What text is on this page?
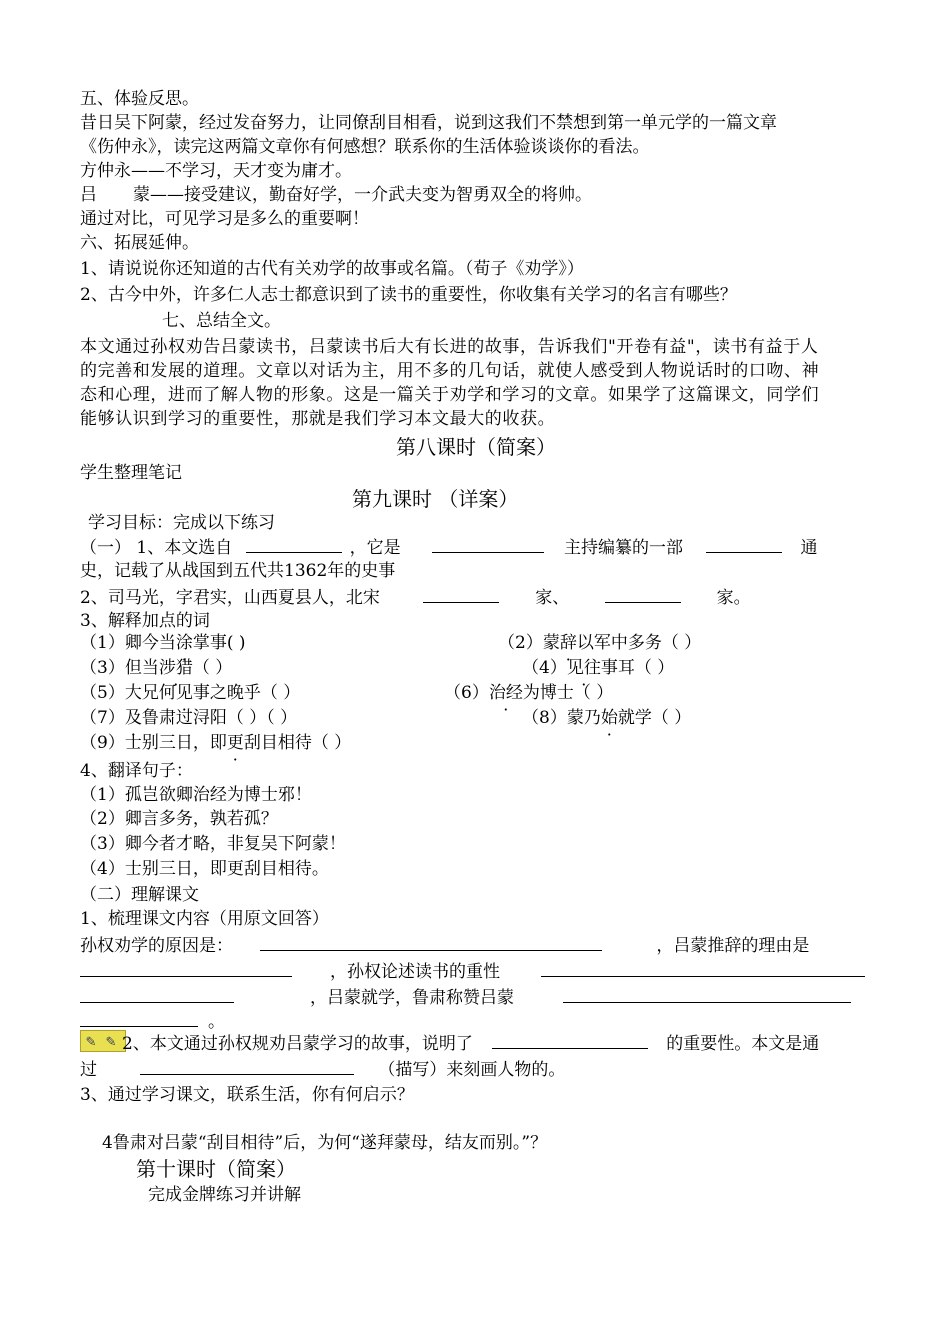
五、体验反思。
昔日吴下阿蒙，经过发奋努力，让同僚刮目相看，说到这我们不禁想到第一单元学的一篇文章
《伤仲永》，读完这两篇文章你有何感想？联系你的生活体验谈谈你的看法。
方仲永——不学习，天才变为庸才。
吕 蒙——接受建议，勤奋好学，一介武夫变为智勇双全的将帅。
通过对比，可见学习是多么的重要啊！
六、拓展延伸。
1、请说说你还知道的古代有关劝学的故事或名篇。（荀子《劝学》）
2、古今中外，许多仁人志士都意识到了读书的重要性，你收集有关学习的名言有哪些？
七、总结全文。
本文通过孙权劝告吕蒙读书，吕蒙读书后大有长进的故事，告诉我们"开卷有益"，读书有益于人
的完善和发展的道理。文章以对话为主，用不多的几句话，就使人感受到人物说话时的口吻、神
态和心理，进而了解人物的形象。这是一篇关于劝学和学习的文章。如果学了这篇课文，同学们
能够认识到学习的重要性，那就是我们学习本文最大的收获。
第八课时（简案）
学生整理笔记
第九课时 （详案）
学习目标：完成以下练习
（一） 1、本文选自	，它是	主持编纂的一部	通
史，记载了从战国到五代共1362年的史事
2、司马光，字君实，山西夏县人，北宋	家、	家。
3、解释加点的词
（1）卿今当涂掌事( )	（2）蒙辞以军中多务（ ）
（3）但当涉猎（ ）	（4）见往事耳（ ）
（5）大兄何见事之晚乎（ ）	（6）治经为博士（ ）
（7）及鲁肃过浔阳（ ）（ ）	（8）蒙乃始就学（ ）
（9）士别三日，即更刮目相待（ ）
4、翻译句子：
（1）孤岂欲卿治经为博士邪！
（2）卿言多务，孰若孤？
（3）卿今者才略，非复吴下阿蒙！
（4）士别三日，即更刮目相待。
（二）理解课文
1、梳理课文内容（用原文回答）
孙权劝学的原因是：	，吕蒙推辞的理由是
，孙权论述读书的重性
，吕蒙就学，鲁肃称赞吕蒙
。
✎ ✎ 2、本文通过孙权规劝吕蒙学习的故事，说明了	的重要性。本文是通
过	（描写）来刻画人物的。
3、通过学习课文，联系生活，你有何启示？
4鲁肃对吕蒙“刮目相待”后，为何“遂拜蒙母，结友而别。”？
第十课时（简案）
完成金牌练习并讲解
